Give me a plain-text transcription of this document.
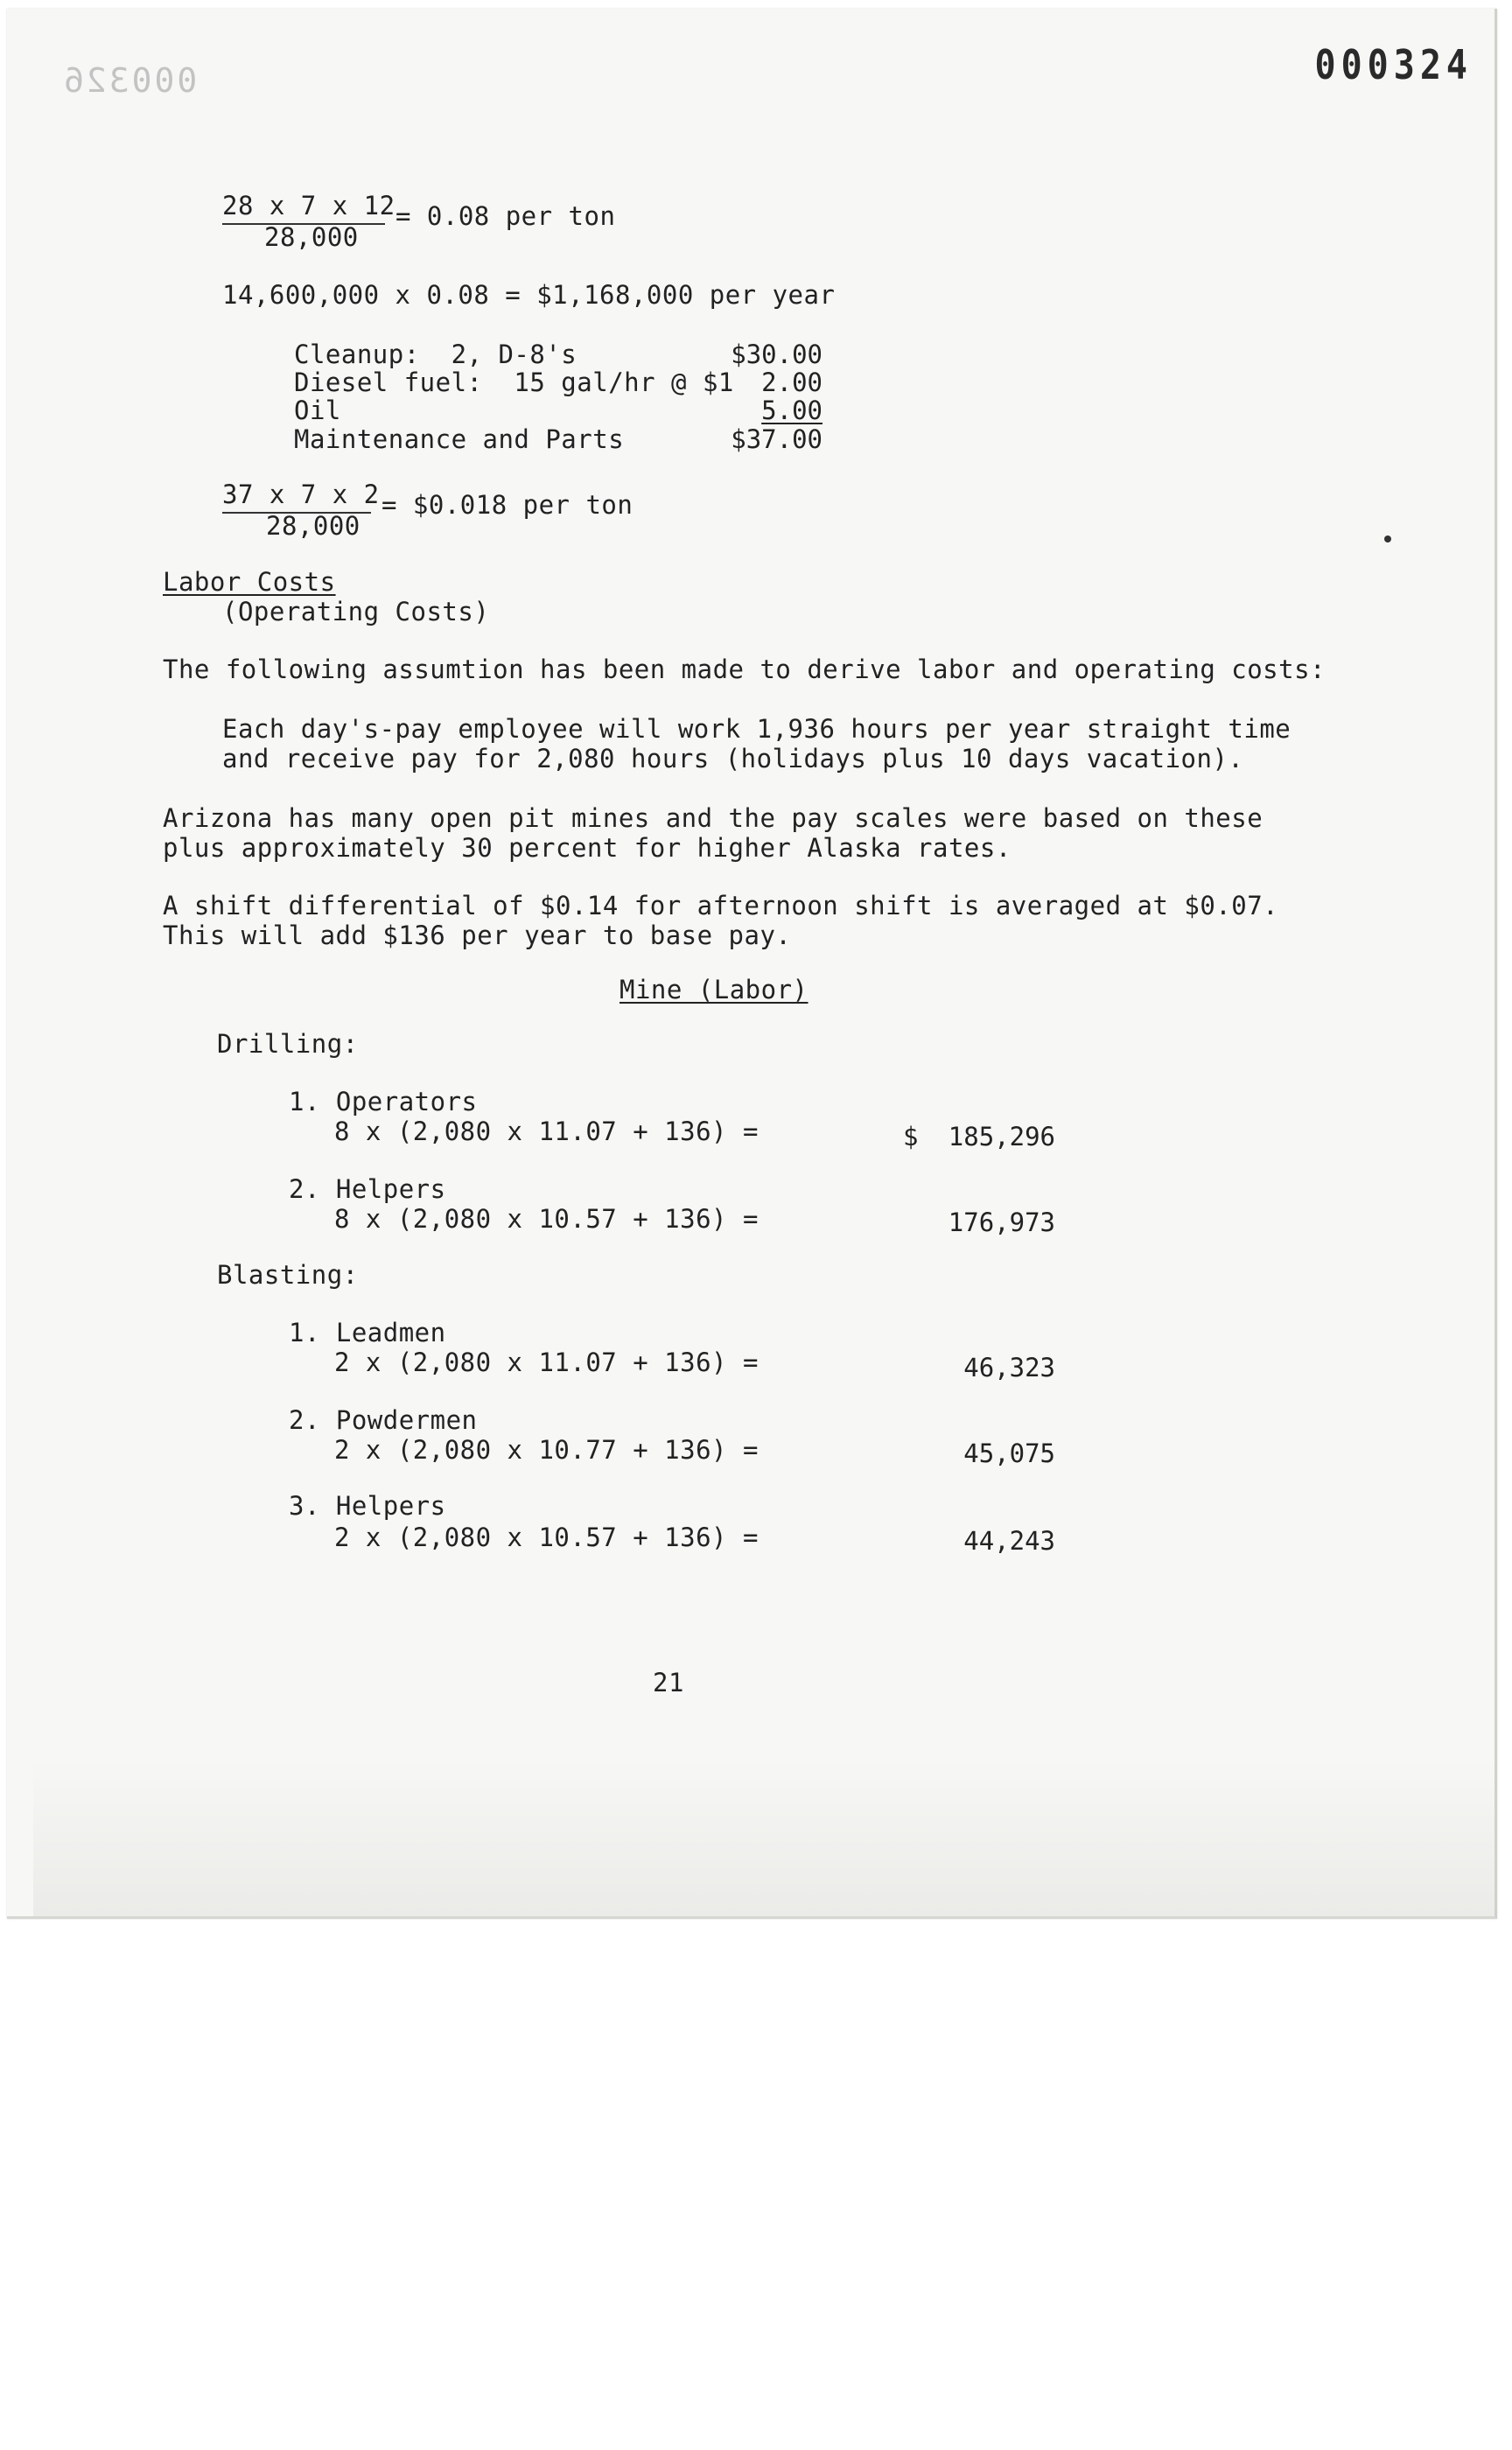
000326	000324
28 x 7 x 12
28,000
= 0.08 per ton
14,600,000 x 0.08 = $1,168,000 per year
Cleanup:  2, D-8's	$30.00
Diesel fuel:  15 gal/hr @ $1	2.00
Oil	5.00
Maintenance and Parts	$37.00
37 x 7 x 2
28,000
= $0.018 per ton
Labor Costs
(Operating Costs)
The following assumtion has been made to derive labor and operating costs:
Each day's-pay employee will work 1,936 hours per year straight time
and receive pay for 2,080 hours (holidays plus 10 days vacation).
Arizona has many open pit mines and the pay scales were based on these
plus approximately 30 percent for higher Alaska rates.
A shift differential of $0.14 for afternoon shift is averaged at $0.07.
This will add $136 per year to base pay.
Mine (Labor)
Drilling:
1. Operators
8 x (2,080 x 11.07 + 136) =	$	185,296
2. Helpers
8 x (2,080 x 10.57 + 136) =	176,973
Blasting:
1. Leadmen
2 x (2,080 x 11.07 + 136) =	46,323
2. Powdermen
2 x (2,080 x 10.77 + 136) =	45,075
3. Helpers
2 x (2,080 x 10.57 + 136) =	44,243
21
